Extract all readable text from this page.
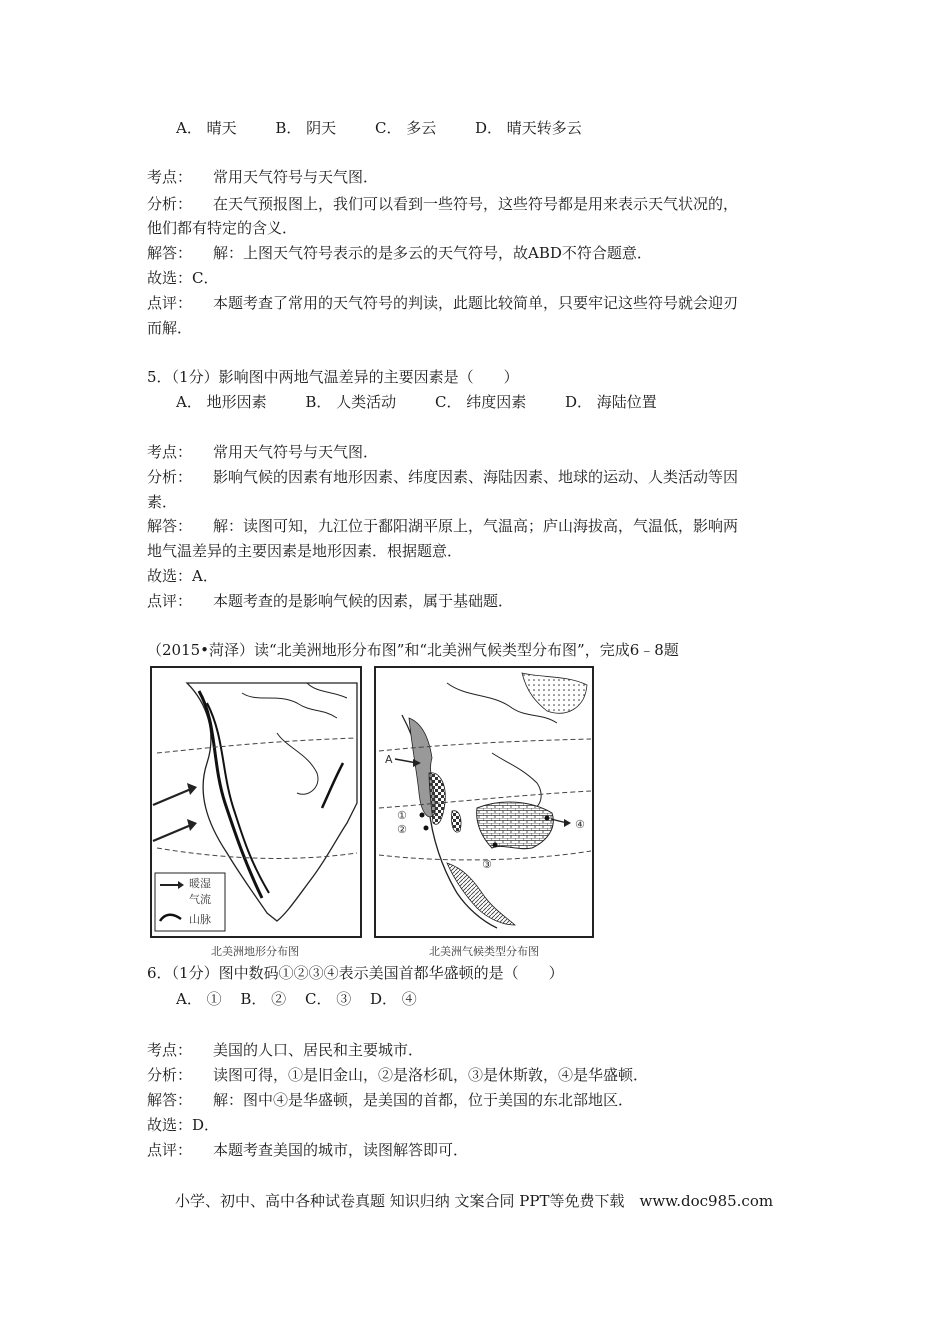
A． 晴天	B． 阴天	C． 多云	D． 晴天转多云
考点： 常用天气符号与天气图．
分析： 在天气预报图上，我们可以看到一些符号，这些符号都是用来表示天气状况的，
他们都有特定的含义．
解答： 解：上图天气符号表示的是多云的天气符号，故ABD不符合题意．
故选：C．
点评： 本题考查了常用的天气符号的判读，此题比较简单，只要牢记这些符号就会迎刃
而解．
5．（1分）影响图中两地气温差异的主要因素是（　　）
A． 地形因素	B． 人类活动	C． 纬度因素	D． 海陆位置
考点： 常用天气符号与天气图．
分析： 影响气候的因素有地形因素、纬度因素、海陆因素、地球的运动、人类活动等因
素．
解答： 解：读图可知，九江位于鄱阳湖平原上，气温高；庐山海拔高，气温低，影响两
地气温差异的主要因素是地形因素．根据题意．
故选：A．
点评： 本题考查的是影响气候的因素，属于基础题．
（2015•菏泽）读“北美洲地形分布图”和“北美洲气候类型分布图”，完成6﹣8题
暖湿
气流
山脉
北美洲地形分布图
A
①
②
③
④
北美洲气候类型分布图
6．（1分）图中数码①②③④表示美国首都华盛顿的是（　　）
A． ① B． ② C． ③ D． ④
考点： 美国的人口、居民和主要城市．
分析： 读图可得，①是旧金山，②是洛杉矶，③是休斯敦，④是华盛顿．
解答： 解：图中④是华盛顿，是美国的首都，位于美国的东北部地区．
故选：D．
点评： 本题考查美国的城市，读图解答即可．
小学、初中、高中各种试卷真题 知识归纳 文案合同 PPT等免费下载　www.doc985.com
